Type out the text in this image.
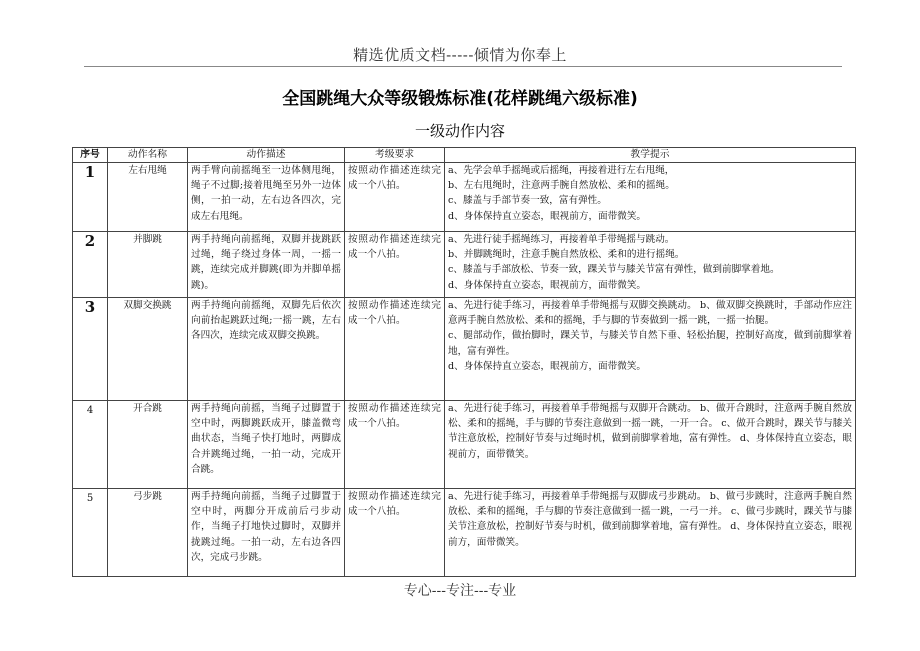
精选优质文档-----倾情为你奉上
全国跳绳大众等级锻炼标准(花样跳绳六级标准)
一级动作内容
序号	动作名称	动作描述	考级要求	教学提示
1	左右甩绳	两手臂向前摇绳至一边体侧甩绳，绳子不过脚;接着甩绳至另外一边体侧，一拍一动，左右边各四次，完成左右甩绳。	按照动作描述连续完成一个八拍。	a、先学会单手摇绳或后摇绳，再接着进行左右甩绳，
b、左右甩绳时，注意两手腕自然放松、柔和的摇绳。
c、膝盖与手部节奏一致，富有弹性。
d、身体保持直立姿态，眼视前方，面带微笑。

2	并脚跳	两手持绳向前摇绳，双脚并拢跳跃过绳，绳子绕过身体一周，一摇一跳，连续完成并脚跳(即为并脚单摇跳)。	按照动作描述连续完成一个八拍。	a、先进行徒手摇绳练习，再接着单手带绳摇与跳动。
b、并脚跳绳时，注意手腕自然放松、柔和的进行摇绳。
c、膝盖与手部放松、节奏一致，踝关节与膝关节富有弹性，做到前脚掌着地。
d、身体保持直立姿态，眼视前方，面带微笑。

3	双脚交换跳	两手持绳向前摇绳，双脚先后依次向前抬起跳跃过绳;一摇一跳，左右各四次，连续完成双脚交换跳。	按照动作描述连续完成一个八拍。	a、先进行徒手练习，再接着单手带绳摇与双脚交换跳动。 b、做双脚交换跳时，手部动作应注意两手腕自然放松、柔和的摇绳，手与脚的节奏做到一摇一跳，一摇一抬腿。
c、腿部动作，做抬脚时，踝关节，与膝关节自然下垂、轻松抬腿，控制好高度，做到前脚掌着地，富有弹性。
d、身体保持直立姿态，眼视前方，面带微笑。

4	开合跳	两手持绳向前摇，当绳子过脚置于空中时，两脚跳跃成开，膝盖微弯曲状态，当绳子快打地时，两脚成合并跳绳过绳，一拍一动，完成开合跳。	按照动作描述连续完成一个八拍。	a、先进行徒手练习，再接着单手带绳摇与双脚开合跳动。 b、做开合跳时，注意两手腕自然放松、柔和的摇绳，手与脚的节奏注意做到一摇一跳，一开一合。 c、做开合跳时，踝关节与膝关节注意放松，控制好节奏与过绳时机，做到前脚掌着地，富有弹性。 d、身体保持直立姿态，眼视前方，面带微笑。

5	弓步跳	两手持绳向前摇，当绳子过脚置于空中时，两脚分开成前后弓步动作，当绳子打地快过脚时，双脚并拢跳过绳。一拍一动，左右边各四次，完成弓步跳。	按照动作描述连续完成一个八拍。	a、先进行徒手练习，再接着单手带绳摇与双脚成弓步跳动。 b、做弓步跳时，注意两手腕自然放松、柔和的摇绳，手与脚的节奏注意做到一摇一跳，一弓一并。 c、做弓步跳时，踝关节与膝关节注意放松，控制好节奏与时机，做到前脚掌着地，富有弹性。 d、身体保持直立姿态，眼视前方，面带微笑。
专心---专注---专业
